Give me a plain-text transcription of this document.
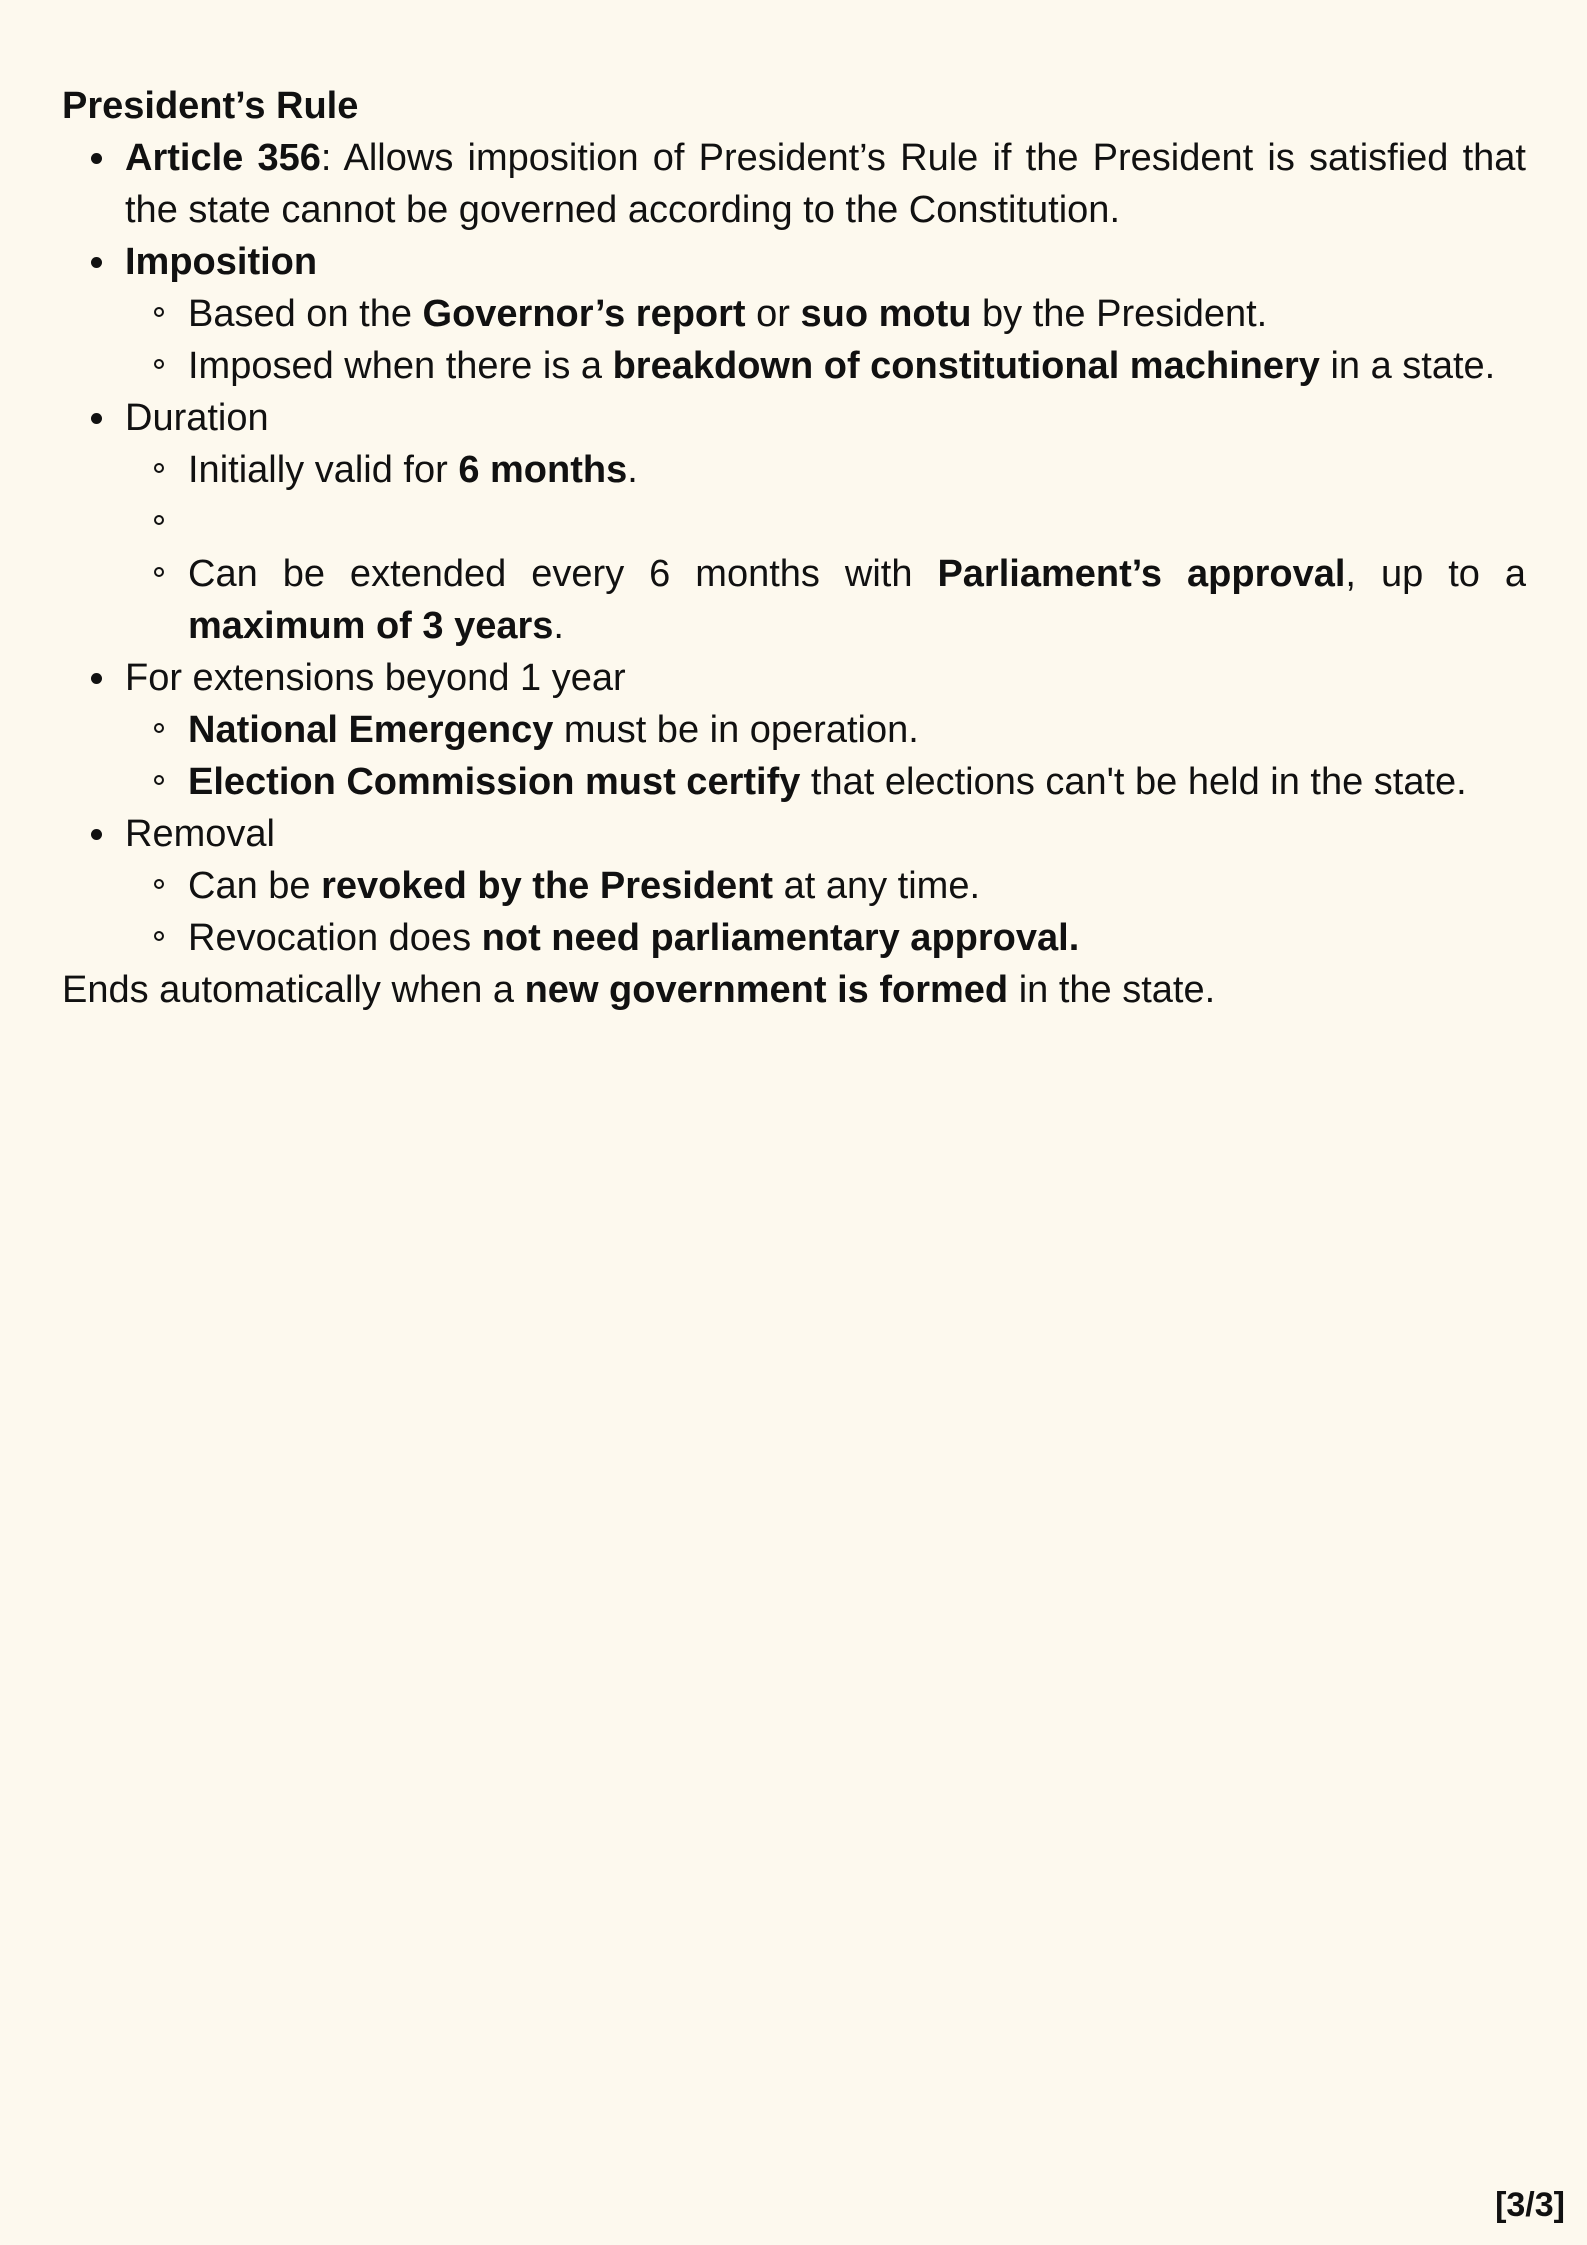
President’s Rule

Article 356: Allows imposition of President’s Rule if the President is satisfied that the state cannot be governed according to the Constitution.
Imposition
Based on the Governor’s report or suo motu by the President.
Imposed when there is a breakdown of constitutional machinery in a state.
Duration
Initially valid for 6 months.
Can be extended every 6 months with Parliament’s approval, up to a maximum of 3 years.
For extensions beyond 1 year
National Emergency must be in operation.
Election Commission must certify that elections can't be held in the state.
Removal
Can be revoked by the President at any time.
Revocation does not need parliamentary approval.

Ends automatically when a new government is formed in the state.

[3/3]
